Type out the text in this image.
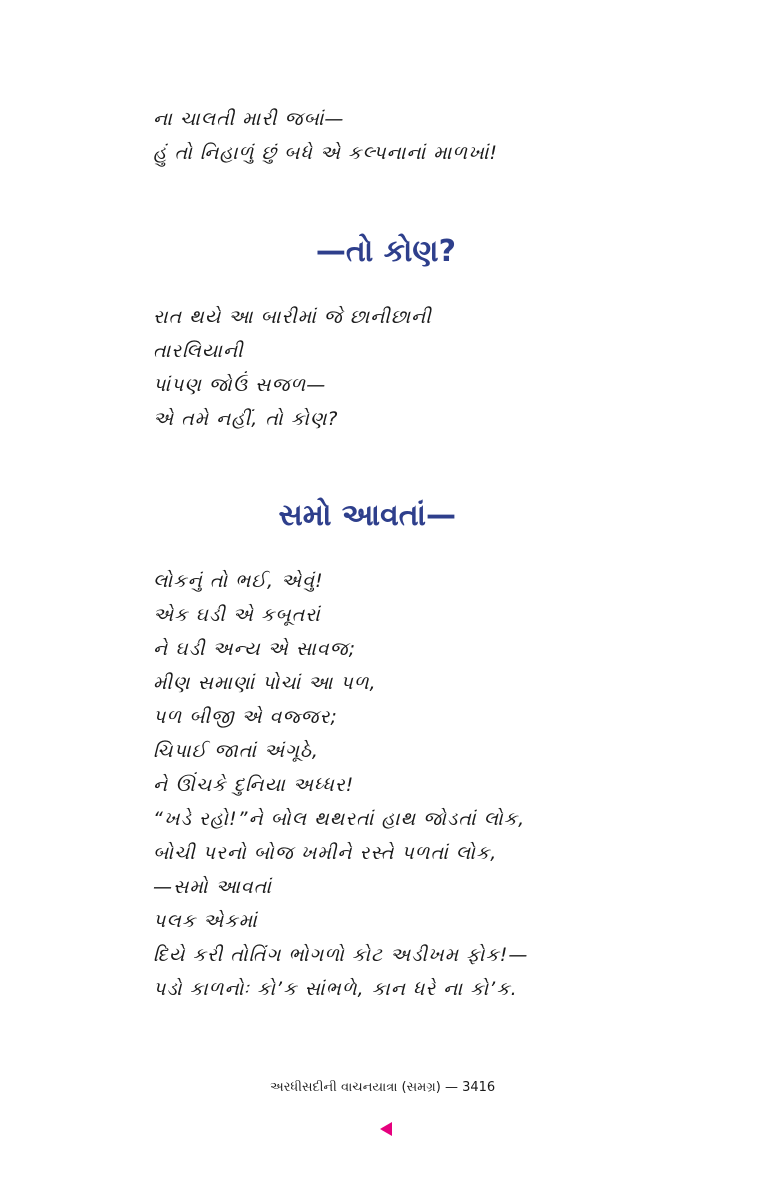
ના ચાલતી મારી જબાં—

હું તો નિહાળું છું બધે એ કલ્પનાનાં માળખાં!

—તો કોણ?

રાત થયે આ બારીમાં જે છાનીછાની

તારલિયાની

પાંપણ જોઉં સજળ—

એ તમે નહીં, તો કોણ?

સમો આવતાં—

લોકનું તો ભઈ, એવું!

એક ઘડી એ કબૂતરાં

ને ઘડી અન્ય એ સાવજ;

મીણ સમાણાં પોચાં આ પળ,

પળ બીજી એ વજ્જર;

ચિપાઈ જાતાં અંગૂઠે,

ને ઊંચકે દુનિયા અધ્ધર!

“ખડે રહો!”ને બોલ થથરતાં હાથ જોડતાં લોક,

બોચી પરનો બોજ ખમીને રસ્તે પળતાં લોક,

—સમો આવતાં

પલક એકમાં

દિયે કરી તોતિંગ ભોગળો કોટ અડીખમ ફોક!—

પડો કાળનોઃ કો’ક સાંભળે, કાન ધરે ના કો’ક.

અરધીસદીની વાચનયાત્રા (સમગ્ર) — 3416
